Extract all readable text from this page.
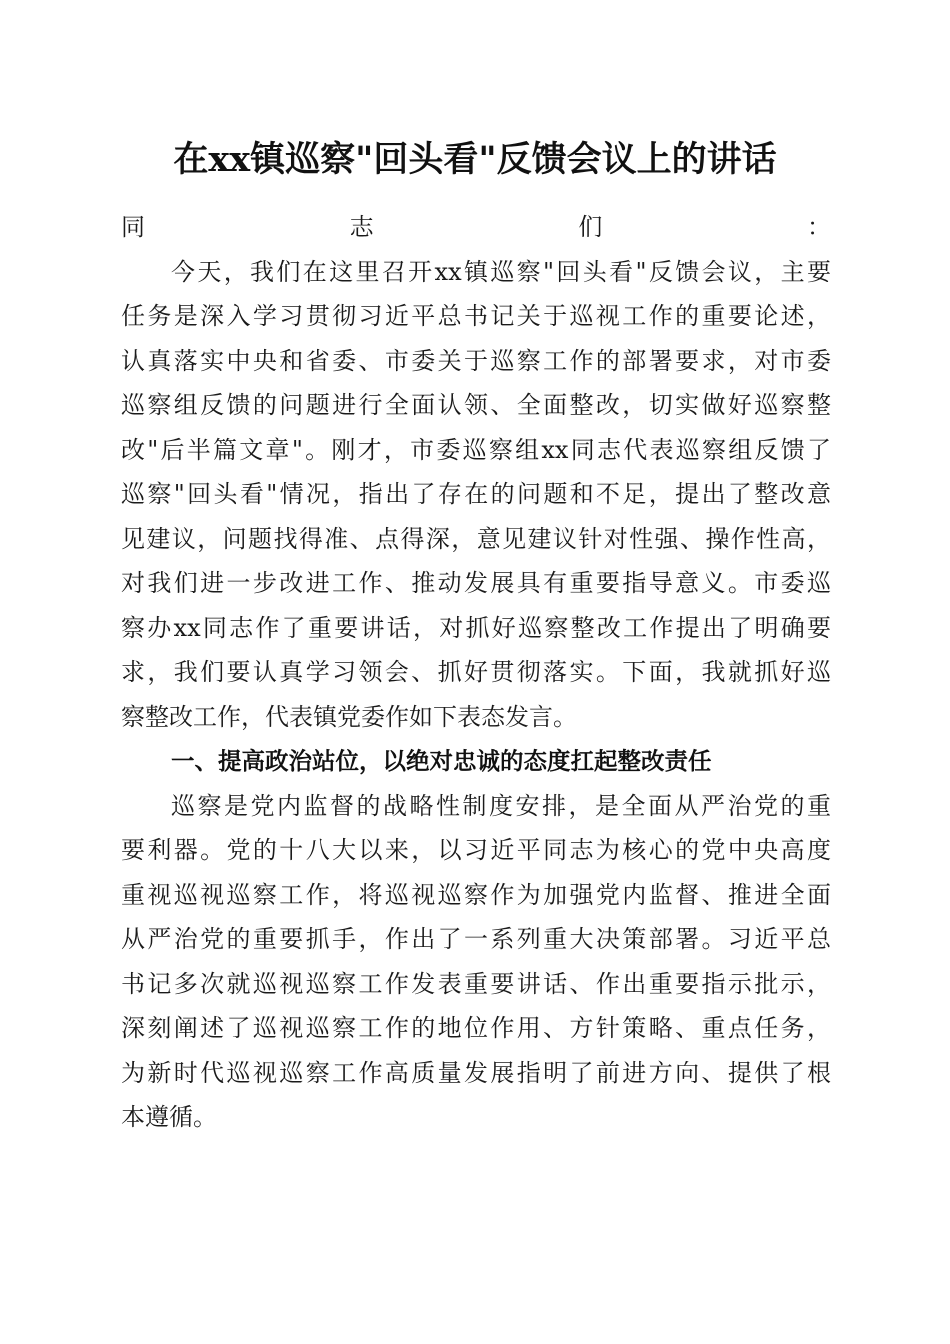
在xx镇巡察"回头看"反馈会议上的讲话
同志们：
今天，我们在这里召开xx镇巡察"回头看"反馈会议，主要
任务是深入学习贯彻习近平总书记关于巡视工作的重要论述，
认真落实中央和省委、市委关于巡察工作的部署要求，对市委
巡察组反馈的问题进行全面认领、全面整改，切实做好巡察整
改"后半篇文章"。刚才，市委巡察组xx同志代表巡察组反馈了
巡察"回头看"情况，指出了存在的问题和不足，提出了整改意
见建议，问题找得准、点得深，意见建议针对性强、操作性高，
对我们进一步改进工作、推动发展具有重要指导意义。市委巡
察办xx同志作了重要讲话，对抓好巡察整改工作提出了明确要
求，我们要认真学习领会、抓好贯彻落实。下面，我就抓好巡
察整改工作，代表镇党委作如下表态发言。
一、提高政治站位，以绝对忠诚的态度扛起整改责任
巡察是党内监督的战略性制度安排，是全面从严治党的重
要利器。党的十八大以来，以习近平同志为核心的党中央高度
重视巡视巡察工作，将巡视巡察作为加强党内监督、推进全面
从严治党的重要抓手，作出了一系列重大决策部署。习近平总
书记多次就巡视巡察工作发表重要讲话、作出重要指示批示，
深刻阐述了巡视巡察工作的地位作用、方针策略、重点任务，
为新时代巡视巡察工作高质量发展指明了前进方向、提供了根
本遵循。
